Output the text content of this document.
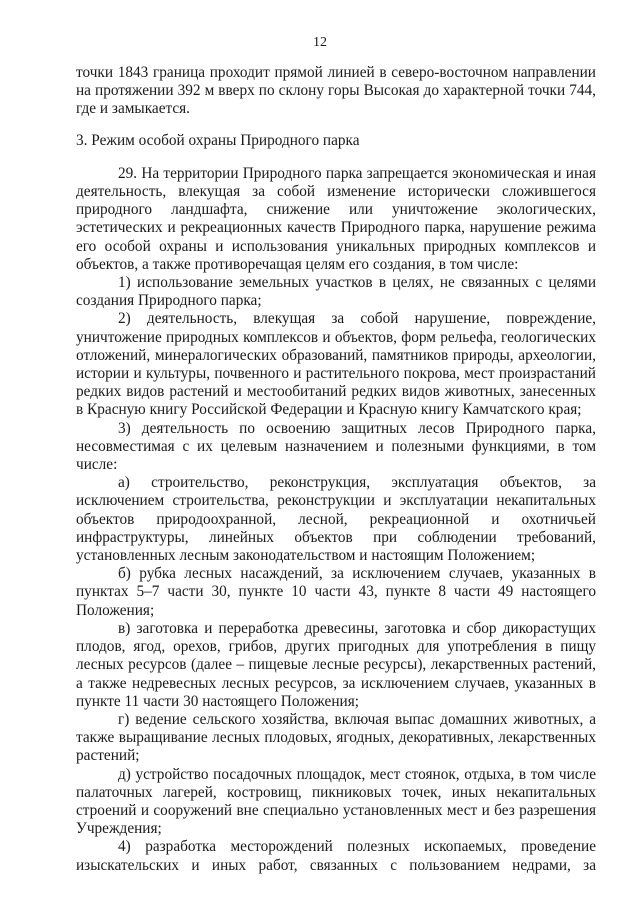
12

точки 1843 граница проходит прямой линией в северо-восточном направлении на протяжении 392 м вверх по склону горы Высокая до характерной точки 744, где и замыкается.

3. Режим особой охраны Природного парка

29. На территории Природного парка запрещается экономическая и иная деятельность, влекущая за собой изменение исторически сложившегося природного ландшафта, снижение или уничтожение экологических, эстетических и рекреационных качеств Природного парка, нарушение режима его особой охраны и использования уникальных природных комплексов и объектов, а также противоречащая целям его создания, в том числе:

1) использование земельных участков в целях, не связанных с целями создания Природного парка;

2) деятельность, влекущая за собой нарушение, повреждение, уничтожение природных комплексов и объектов, форм рельефа, геологических отложений, минералогических образований, памятников природы, археологии, истории и культуры, почвенного и растительного покрова, мест произрастаний редких видов растений и местообитаний редких видов животных, занесенных в Красную книгу Российской Федерации и Красную книгу Камчатского края;

3) деятельность по освоению защитных лесов Природного парка, несовместимая с их целевым назначением и полезными функциями, в том числе:

а) строительство, реконструкция, эксплуатация объектов, за исключением строительства, реконструкции и эксплуатации некапитальных объектов природоохранной, лесной, рекреационной и охотничьей инфраструктуры, линейных объектов при соблюдении требований, установленных лесным законодательством и настоящим Положением;

б) рубка лесных насаждений, за исключением случаев, указанных в пунктах 5–7 части 30, пункте 10 части 43, пункте 8 части 49 настоящего Положения;

в) заготовка и переработка древесины, заготовка и сбор дикорастущих плодов, ягод, орехов, грибов, других пригодных для употребления в пищу лесных ресурсов (далее – пищевые лесные ресурсы), лекарственных растений, а также недревесных лесных ресурсов, за исключением случаев, указанных в пункте 11 части 30 настоящего Положения;

г) ведение сельского хозяйства, включая выпас домашних животных, а также выращивание лесных плодовых, ягодных, декоративных, лекарственных растений;

д) устройство посадочных площадок, мест стоянок, отдыха, в том числе палаточных лагерей, костровищ, пикниковых точек, иных некапитальных строений и сооружений вне специально установленных мест и без разрешения Учреждения;

4) разработка месторождений полезных ископаемых, проведение изыскательских и иных работ, связанных с пользованием недрами, за
